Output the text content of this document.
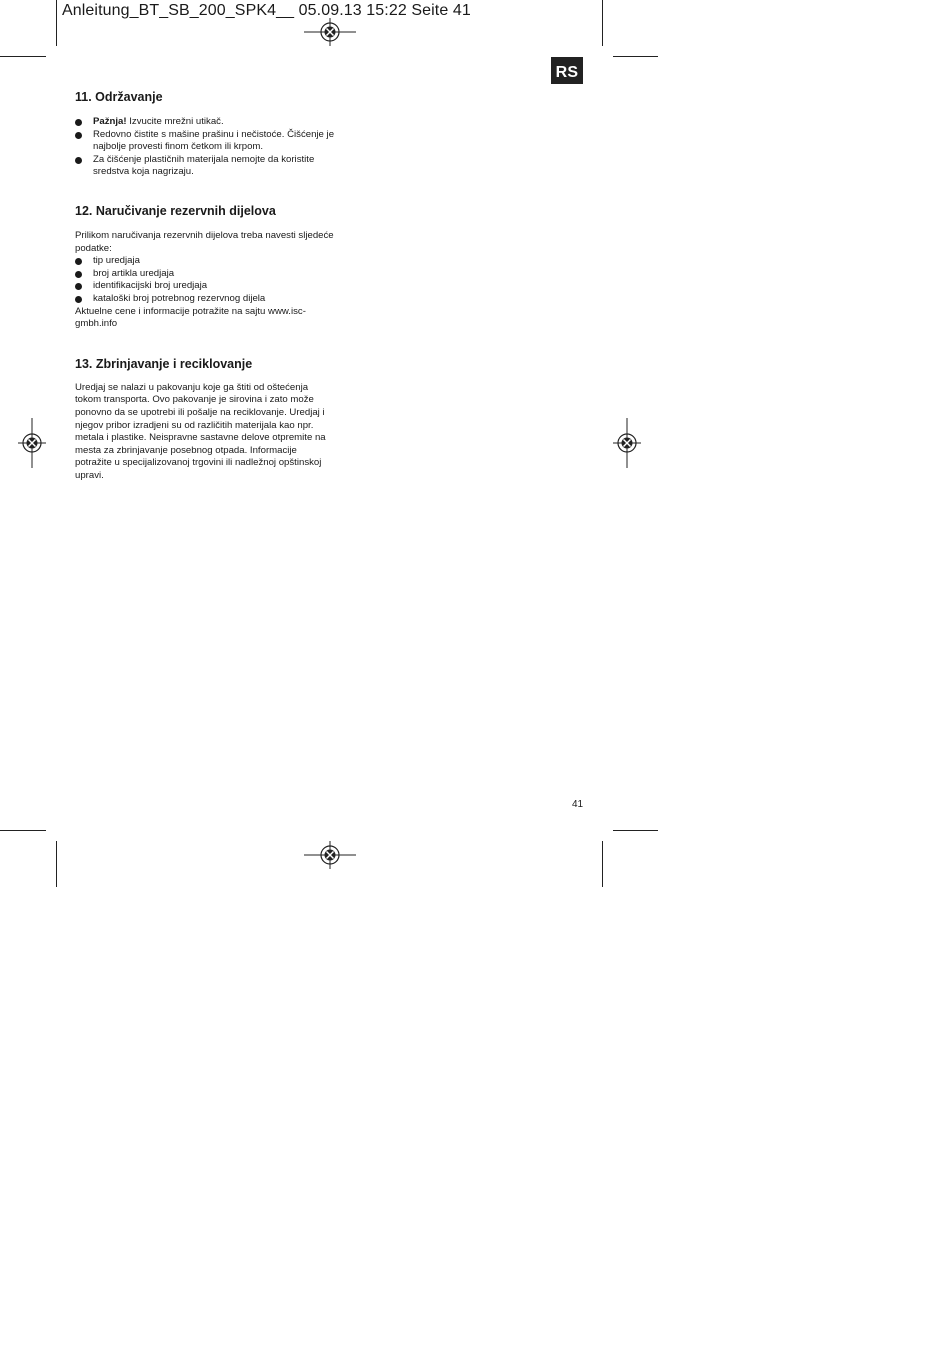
Anleitung_BT_SB_200_SPK4__ 05.09.13 15:22 Seite 41
RS
11. Održavanje
Pažnja! Izvucite mrežni utikač.
Redovno čistite s mašine prašinu i nečistoće. Čišćenje je najbolje provesti finom četkom ili krpom.
Za čišćenje plastičnih materijala nemojte da koristite sredstva koja nagrizaju.
12. Naručivanje rezervnih dijelova

Prilikom naručivanja rezervnih dijelova treba navesti sljedeće podatke:

tip uredjaja
broj artikla uredjaja
identifikacijski broj uredjaja
kataloški broj potrebnog rezervnog dijela

Aktuelne cene i informacije potražite na sajtu www.isc-gmbh.info

13. Zbrinjavanje i reciklovanje

Uredjaj se nalazi u pakovanju koje ga štiti od oštećenja tokom transporta. Ovo pakovanje je sirovina i zato može ponovno da se upotrebi ili pošalje na reciklovanje. Uredjaj i njegov pribor izradjeni su od različitih materijala kao npr. metala i plastike. Neispravne sastavne delove otpremite na mesta za zbrinjavanje posebnog otpada. Informacije potražite u specijalizovanoj trgovini ili nadležnoj opštinskoj upravi.

41
